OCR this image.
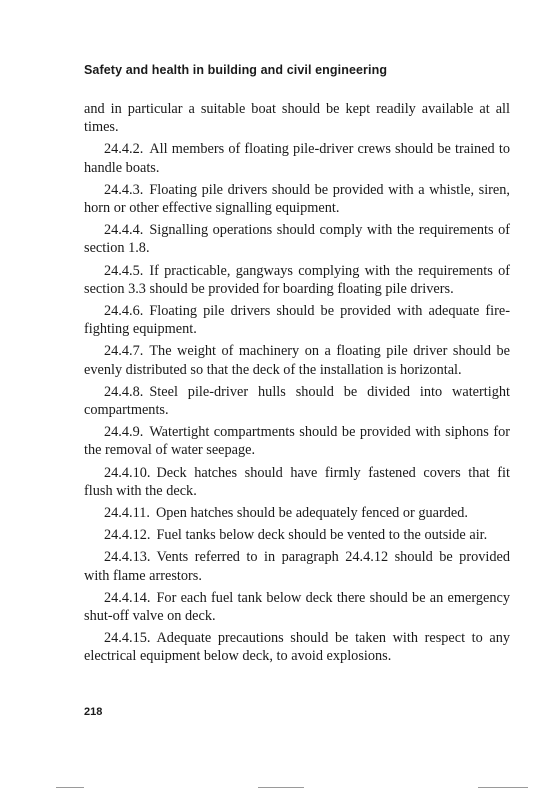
Safety and health in building and civil engineering

and in particular a suitable boat should be kept readily available at all times.

24.4.2. All members of floating pile-driver crews should be trained to handle boats.

24.4.3. Floating pile drivers should be provided with a whistle, siren, horn or other effective signalling equipment.

24.4.4. Signalling operations should comply with the requirements of section 1.8.

24.4.5. If practicable, gangways complying with the requirements of section 3.3 should be provided for boarding floating pile drivers.

24.4.6. Floating pile drivers should be provided with adequate fire-fighting equipment.

24.4.7. The weight of machinery on a floating pile driver should be evenly distributed so that the deck of the installation is horizontal.

24.4.8. Steel pile-driver hulls should be divided into watertight compartments.

24.4.9. Watertight compartments should be provided with siphons for the removal of water seepage.

24.4.10. Deck hatches should have firmly fastened covers that fit flush with the deck.

24.4.11. Open hatches should be adequately fenced or guarded.

24.4.12. Fuel tanks below deck should be vented to the outside air.

24.4.13. Vents referred to in paragraph 24.4.12 should be provided with flame arrestors.

24.4.14. For each fuel tank below deck there should be an emergency shut-off valve on deck.

24.4.15. Adequate precautions should be taken with respect to any electrical equipment below deck, to avoid explosions.

218
